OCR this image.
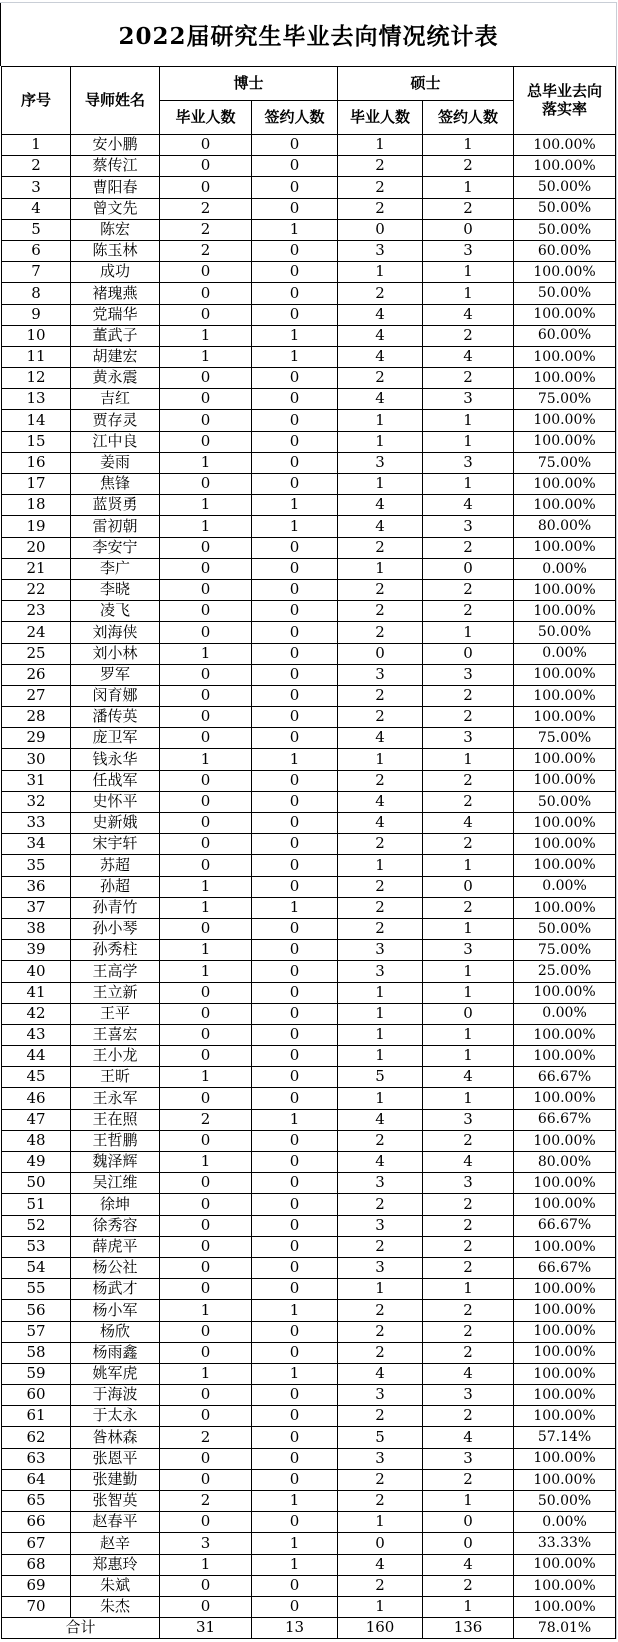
2022届研究生毕业去向情况统计表
序号	导师姓名	博士		硕士		总毕业去向
落实率

		毕业人数	签约人数	毕业人数	签约人数	
1	安小鹏	0	0	1	1	100.00%
2	蔡传江	0	0	2	2	100.00%
3	曹阳春	0	0	2	1	50.00%
4	曾文先	2	0	2	2	50.00%
5	陈宏	2	1	0	0	50.00%
6	陈玉林	2	0	3	3	60.00%
7	成功	0	0	1	1	100.00%
8	褚瑰燕	0	0	2	1	50.00%
9	党瑞华	0	0	4	4	100.00%
10	董武子	1	1	4	2	60.00%
11	胡建宏	1	1	4	4	100.00%
12	黄永震	0	0	2	2	100.00%
13	吉红	0	0	4	3	75.00%
14	贾存灵	0	0	1	1	100.00%
15	江中良	0	0	1	1	100.00%
16	姜雨	1	0	3	3	75.00%
17	焦锋	0	0	1	1	100.00%
18	蓝贤勇	1	1	4	4	100.00%
19	雷初朝	1	1	4	3	80.00%
20	李安宁	0	0	2	2	100.00%
21	李广	0	0	1	0	0.00%
22	李晓	0	0	2	2	100.00%
23	凌飞	0	0	2	2	100.00%
24	刘海侠	0	0	2	1	50.00%
25	刘小林	1	0	0	0	0.00%
26	罗军	0	0	3	3	100.00%
27	闵育娜	0	0	2	2	100.00%
28	潘传英	0	0	2	2	100.00%
29	庞卫军	0	0	4	3	75.00%
30	钱永华	1	1	1	1	100.00%
31	任战军	0	0	2	2	100.00%
32	史怀平	0	0	4	2	50.00%
33	史新娥	0	0	4	4	100.00%
34	宋宇轩	0	0	2	2	100.00%
35	苏超	0	0	1	1	100.00%
36	孙超	1	0	2	0	0.00%
37	孙青竹	1	1	2	2	100.00%
38	孙小琴	0	0	2	1	50.00%
39	孙秀柱	1	0	3	3	75.00%
40	王高学	1	0	3	1	25.00%
41	王立新	0	0	1	1	100.00%
42	王平	0	0	1	0	0.00%
43	王喜宏	0	0	1	1	100.00%
44	王小龙	0	0	1	1	100.00%
45	王昕	1	0	5	4	66.67%
46	王永军	0	0	1	1	100.00%
47	王在照	2	1	4	3	66.67%
48	王哲鹏	0	0	2	2	100.00%
49	魏泽辉	1	0	4	4	80.00%
50	吴江维	0	0	3	3	100.00%
51	徐坤	0	0	2	2	100.00%
52	徐秀容	0	0	3	2	66.67%
53	薛虎平	0	0	2	2	100.00%
54	杨公社	0	0	3	2	66.67%
55	杨武才	0	0	1	1	100.00%
56	杨小军	1	1	2	2	100.00%
57	杨欣	0	0	2	2	100.00%
58	杨雨鑫	0	0	2	2	100.00%
59	姚军虎	1	1	4	4	100.00%
60	于海波	0	0	3	3	100.00%
61	于太永	0	0	2	2	100.00%
62	昝林森	2	0	5	4	57.14%
63	张恩平	0	0	3	3	100.00%
64	张建勤	0	0	2	2	100.00%
65	张智英	2	1	2	1	50.00%
66	赵春平	0	0	1	0	0.00%
67	赵辛	3	1	0	0	33.33%
68	郑惠玲	1	1	4	4	100.00%
69	朱斌	0	0	2	2	100.00%
70	朱杰	0	0	1	1	100.00%
合计		31	13	160	136	78.01%
